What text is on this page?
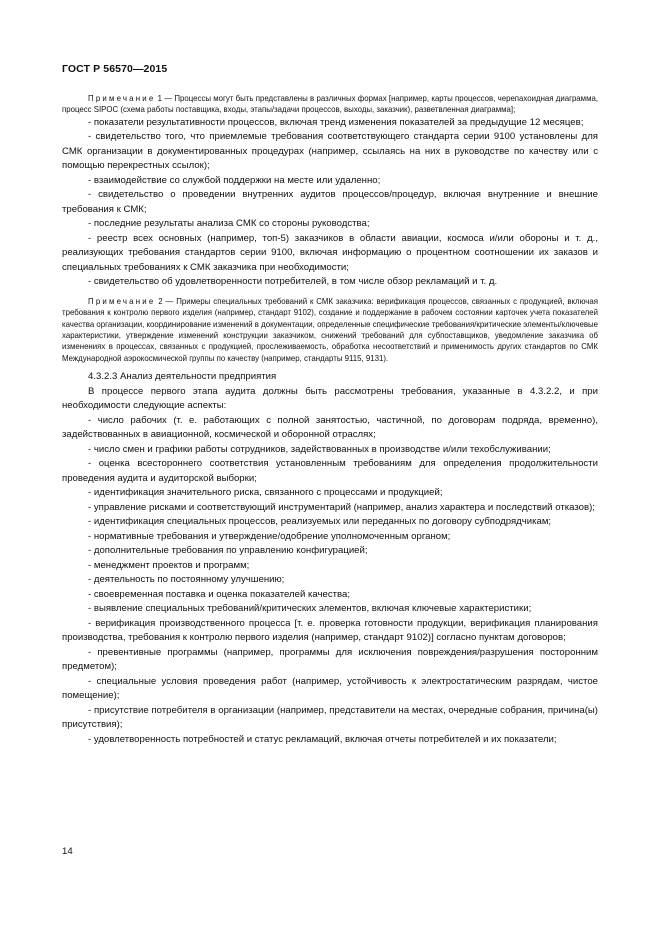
ГОСТ Р 56570—2015

Примечание 1 — Процессы могут быть представлены в различных формах [например, карты процессов, черепахоидная диаграмма, процесс SIPOC (схема работы поставщика, входы, этапы/задачи процессов, выходы, заказчик), разветвленная диаграмма];

- показатели результативности процессов, включая тренд изменения показателей за предыдущие 12 месяцев;

- свидетельство того, что приемлемые требования соответствующего стандарта серии 9100 установлены для СМК организации в документированных процедурах (например, ссылаясь на них в руководстве по качеству или с помощью перекрестных ссылок);

- взаимодействие со службой поддержки на месте или удаленно;

- свидетельство о проведении внутренних аудитов процессов/процедур, включая внутренние и внешние требования к СМК;

- последние результаты анализа СМК со стороны руководства;

- реестр всех основных (например, топ-5) заказчиков в области авиации, космоса и/или обороны и т. д., реализующих требования стандартов серии 9100, включая информацию о процентном соотношении их заказов и специальных требованиях к СМК заказчика при необходимости;

- свидетельство об удовлетворенности потребителей, в том числе обзор рекламаций и т. д.

Примечание 2 — Примеры специальных требований к СМК заказчика: верификация процессов, связанных с продукцией, включая требования к контролю первого изделия (например, стандарт 9102), создание и поддержание в рабочем состоянии карточек учета показателей качества организации, координирование изменений в документации, определенные специфические требования/критические элементы/ключевые характеристики, утверждение изменений конструкции заказчиком, снижений требований для субпоставщиков, уведомление заказчика об изменениях в процессах, связанных с продукцией, прослеживаемость, обработка несоответствий и применимость других стандартов по СМК Международной аэрокосмической группы по качеству (например, стандарты 9115, 9131).

4.3.2.3 Анализ деятельности предприятия

В процессе первого этапа аудита должны быть рассмотрены требования, указанные в 4.3.2.2, и при необходимости следующие аспекты:

- число рабочих (т. е. работающих с полной занятостью, частичной, по договорам подряда, временно), задействованных в авиационной, космической и оборонной отраслях;

- число смен и графики работы сотрудников, задействованных в производстве и/или техобслуживании;

- оценка всестороннего соответствия установленным требованиям для определения продолжительности проведения аудита и аудиторской выборки;

- идентификация значительного риска, связанного с процессами и продукцией;

- управление рисками и соответствующий инструментарий (например, анализ характера и последствий отказов);

- идентификация специальных процессов, реализуемых или переданных по договору субподрядчикам;

- нормативные требования и утверждение/одобрение уполномоченным органом;

- дополнительные требования по управлению конфигурацией;

- менеджмент проектов и программ;

- деятельность по постоянному улучшению;

- своевременная поставка и оценка показателей качества;

- выявление специальных требований/критических элементов, включая ключевые характеристики;

- верификация производственного процесса [т. е. проверка готовности продукции, верификация планирования производства, требования к контролю первого изделия (например, стандарт 9102)] согласно пунктам договоров;

- превентивные программы (например, программы для исключения повреждения/разрушения посторонним предметом);

- специальные условия проведения работ (например, устойчивость к электростатическим разрядам, чистое помещение);

- присутствие потребителя в организации (например, представители на местах, очередные собрания, причина(ы) присутствия);

- удовлетворенность потребностей и статус рекламаций, включая отчеты потребителей и их показатели;

14
